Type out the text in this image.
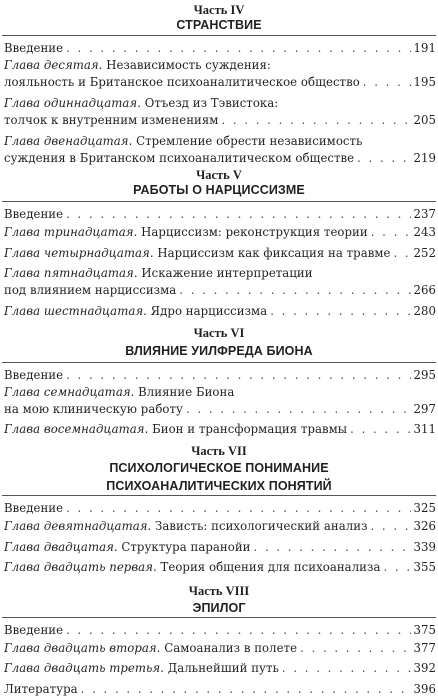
Часть IV
СТРАНСТВИЕ
Введение . . .	191
Глава десятая. Независимость суждения:
лояльность и Британское психоаналитическое общество . . .	195
Глава одиннадцатая. Отъезд из Тэвистока:
толчок к внутренним изменениям . . .	205
Глава двенадцатая. Стремление обрести независимость
суждения в Британском психоаналитическом обществе . . .	219
Часть V
РАБОТЫ О НАРЦИССИЗМЕ
Введение . . .	237
Глава тринадцатая. Нарциссизм: реконструкция теории . . .	243
Глава четырнадцатая. Нарциссизм как фиксация на травме . . . 252
Глава пятнадцатая. Искажение интерпретации
под влиянием нарциссизма . . .	266
Глава шестнадцатая. Ядро нарциссизма . . .	280
Часть VI
ВЛИЯНИЕ УИЛФРЕДА БИОНА
Введение . . .	295
Глава семнадцатая. Влияние Биона
на мою клиническую работу . . .	297
Глава восемнадцатая. Бион и трансформация травмы . . .	311
Часть VII
ПСИХОЛОГИЧЕСКОЕ ПОНИМАНИЕ
ПСИХОАНАЛИТИЧЕСКИХ ПОНЯТИЙ
Введение . . .	325
Глава девятнадцатая. Зависть: психологический анализ . . .	326
Глава двадцатая. Структура паранойи . . .	339
Глава двадцать первая. Теория общения для психоанализа . . .	355
Часть VIII
ЭПИЛОГ
Введение . . .	375
Глава двадцать вторая. Самоанализ в полете . . .	377
Глава двадцать третья. Дальнейший путь . . .	392
Литература . . .	396
